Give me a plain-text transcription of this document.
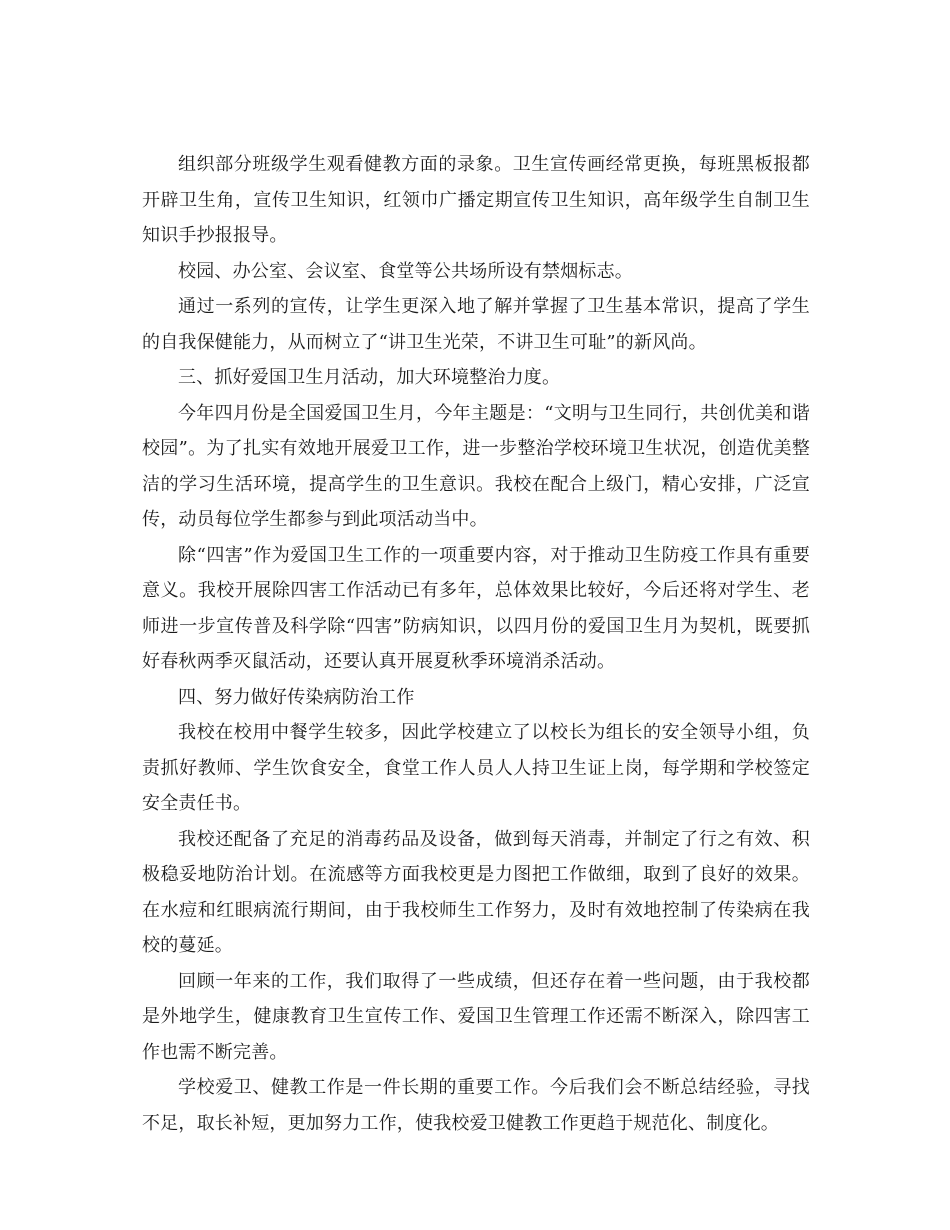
组织部分班级学生观看健教方面的录象。卫生宣传画经常更换，每班黑板报都开辟卫生角，宣传卫生知识，红领巾广播定期宣传卫生知识，高年级学生自制卫生知识手抄报报导。

校园、办公室、会议室、食堂等公共场所设有禁烟标志。

通过一系列的宣传，让学生更深入地了解并掌握了卫生基本常识，提高了学生的自我保健能力，从而树立了“讲卫生光荣，不讲卫生可耻”的新风尚。

三、抓好爱国卫生月活动，加大环境整治力度。

今年四月份是全国爱国卫生月，今年主题是：“文明与卫生同行，共创优美和谐校园”。为了扎实有效地开展爱卫工作，进一步整治学校环境卫生状况，创造优美整洁的学习生活环境，提高学生的卫生意识。我校在配合上级门，精心安排，广泛宣传，动员每位学生都参与到此项活动当中。

除“四害”作为爱国卫生工作的一项重要内容，对于推动卫生防疫工作具有重要意义。我校开展除四害工作活动已有多年，总体效果比较好，今后还将对学生、老师进一步宣传普及科学除“四害”防病知识，以四月份的爱国卫生月为契机，既要抓好春秋两季灭鼠活动，还要认真开展夏秋季环境消杀活动。

四、努力做好传染病防治工作

我校在校用中餐学生较多，因此学校建立了以校长为组长的安全领导小组，负责抓好教师、学生饮食安全，食堂工作人员人人持卫生证上岗，每学期和学校签定安全责任书。

我校还配备了充足的消毒药品及设备，做到每天消毒，并制定了行之有效、积极稳妥地防治计划。在流感等方面我校更是力图把工作做细，取到了良好的效果。在水痘和红眼病流行期间，由于我校师生工作努力，及时有效地控制了传染病在我校的蔓延。

回顾一年来的工作，我们取得了一些成绩，但还存在着一些问题，由于我校都是外地学生，健康教育卫生宣传工作、爱国卫生管理工作还需不断深入，除四害工作也需不断完善。

学校爱卫、健教工作是一件长期的重要工作。今后我们会不断总结经验，寻找不足，取长补短，更加努力工作，使我校爱卫健教工作更趋于规范化、制度化。
